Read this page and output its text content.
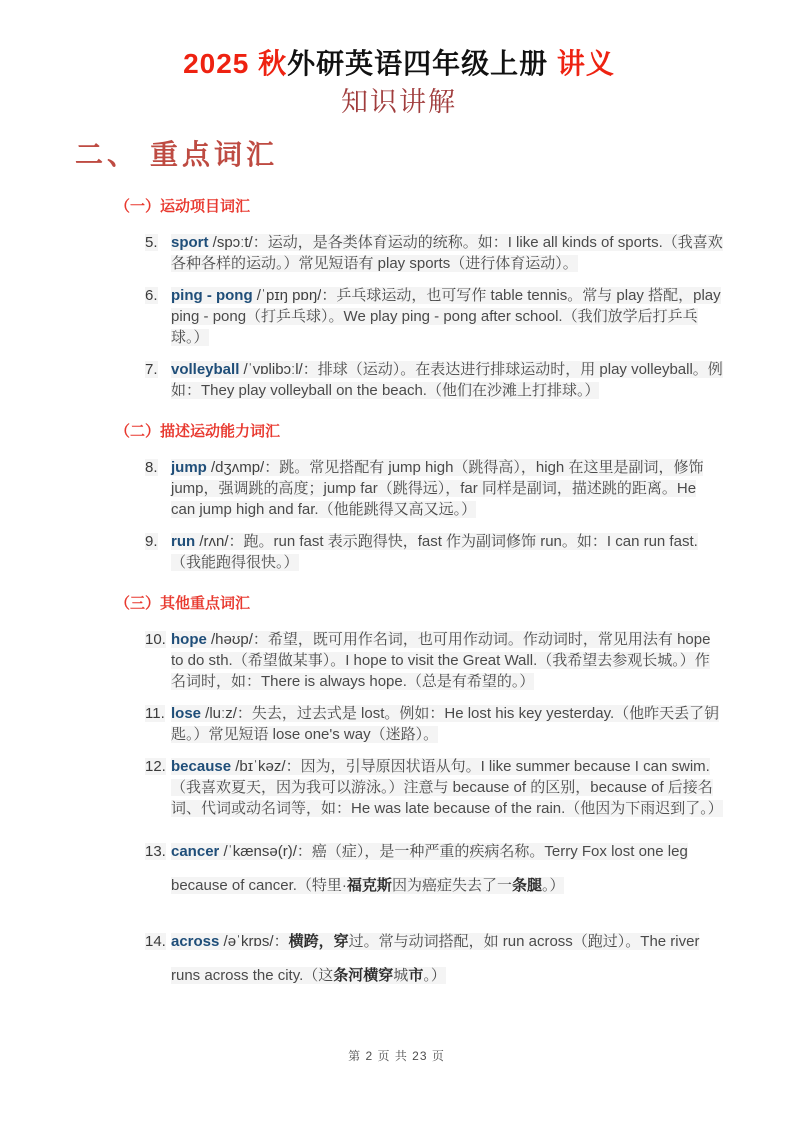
2025 秋外研英语四年级上册 讲义
知识讲解
二、 重点词汇
（一）运动项目词汇
5. sport /spɔːt/：运动，是各类体育运动的统称。如：I like all kinds of sports.（我喜欢各种各样的运动。）常见短语有 play sports（进行体育运动）。
6. ping - pong /ˈpɪŋ pɒŋ/：乒乓球运动，也可写作 table tennis。常与 play 搭配，play ping - pong（打乒乓球）。We play ping - pong after school.（我们放学后打乒乓球。）
7. volleyball /ˈvɒlibɔːl/：排球（运动）。在表达进行排球运动时，用 play volleyball。例如：They play volleyball on the beach.（他们在沙滩上打排球。）
（二）描述运动能力词汇
8. jump /dʒʌmp/：跳。常见搭配有 jump high（跳得高），high 在这里是副词，修饰 jump，强调跳的高度；jump far（跳得远），far 同样是副词，描述跳的距离。He can jump high and far.（他能跳得又高又远。）
9. run /rʌn/：跑。run fast 表示跑得快，fast 作为副词修饰 run。如：I can run fast.（我能跑得很快。）
（三）其他重点词汇
10. hope /həʊp/：希望，既可用作名词，也可用作动词。作动词时，常见用法有 hope to do sth.（希望做某事）。I hope to visit the Great Wall.（我希望去参观长城。）作名词时，如：There is always hope.（总是有希望的。）
11. lose /luːz/：失去，过去式是 lost。例如：He lost his key yesterday.（他昨天丢了钥匙。）常见短语 lose one's way（迷路）。
12. because /bɪˈkəz/：因为，引导原因状语从句。I like summer because I can swim.（我喜欢夏天，因为我可以游泳。）注意与 because of 的区别，because of 后接名词、代词或动名词等，如：He was late because of the rain.（他因为下雨迟到了。）
13. cancer /ˈkænsə(r)/：癌（症），是一种严重的疾病名称。Terry Fox lost one leg because of cancer.（特里·福克斯因为癌症失去了一条腿。）
14. across /əˈkrɒs/：横跨，穿过。常与动词搭配，如 run across（跑过）。The river runs across the city.（这条河横穿城市。）
第 2 页 共 23 页
